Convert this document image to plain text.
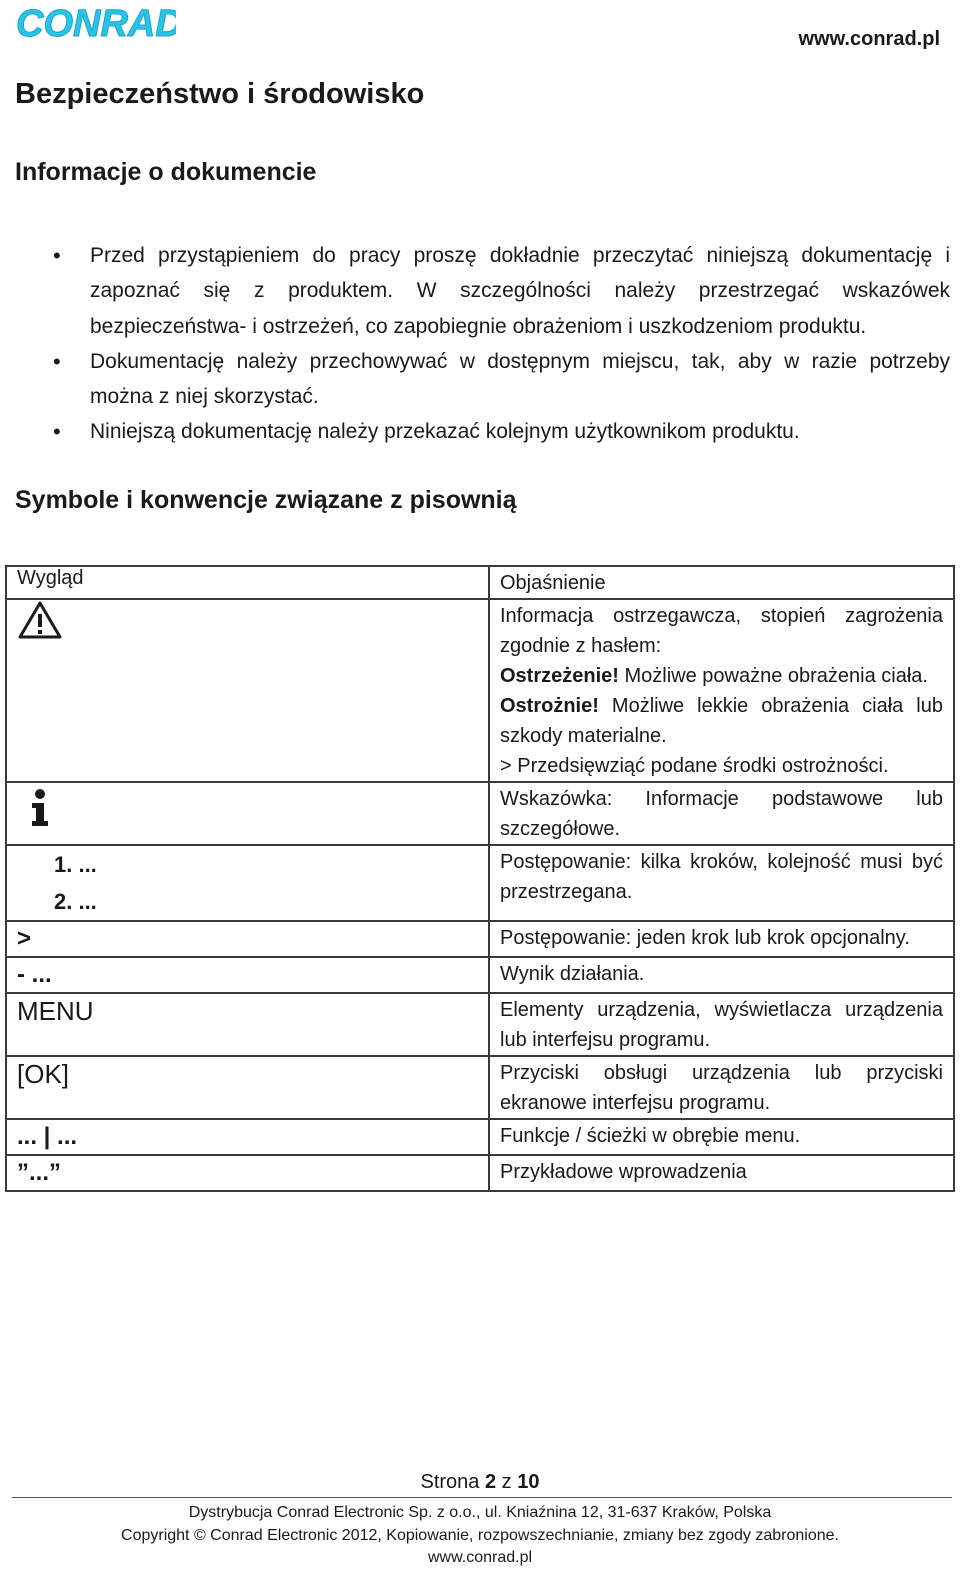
CONRAD	www.conrad.pl
Bezpieczeństwo i środowisko
Informacje o dokumencie
• Przed przystąpieniem do pracy proszę dokładnie przeczytać niniejszą dokumentację i zapoznać się z produktem. W szczególności należy przestrzegać wskazówek bezpieczeństwa- i ostrzeżeń, co zapobiegnie obrażeniom i uszkodzeniom produktu.
• Dokumentację należy przechowywać w dostępnym miejscu, tak, aby w razie potrzeby można z niej skorzystać.
• Niniejszą dokumentację należy przekazać kolejnym użytkownikom produktu.
Symbole i konwencje związane z pisownią
Wygląd	Objaśnienie

Informacja ostrzegawcza, stopień zagrożenia zgodnie z hasłem:
Ostrzeżenie! Możliwe poważne obrażenia ciała.
Ostrożnie! Możliwe lekkie obrażenia ciała lub szkody materialne.
> Przedsięwziąć podane środki ostrożności.

	Wskazówka: Informacje podstawowe lub szczegółowe.

1. ...
2. ...	Postępowanie: kilka kroków, kolejność musi być przestrzegana.
>	Postępowanie: jeden krok lub krok opcjonalny.
- ...	Wynik działania.
MENU	Elementy urządzenia, wyświetlacza urządzenia lub interfejsu programu.
[OK]	Przyciski obsługi urządzenia lub przyciski ekranowe interfejsu programu.
... | ...	Funkcje / ścieżki w obrębie menu.
”...”	Przykładowe wprowadzenia
Strona 2 z 10
Dystrybucja Conrad Electronic Sp. z o.o., ul. Kniaźnina 12, 31-637 Kraków, Polska
Copyright © Conrad Electronic 2012, Kopiowanie, rozpowszechnianie, zmiany bez zgody zabronione.
www.conrad.pl
